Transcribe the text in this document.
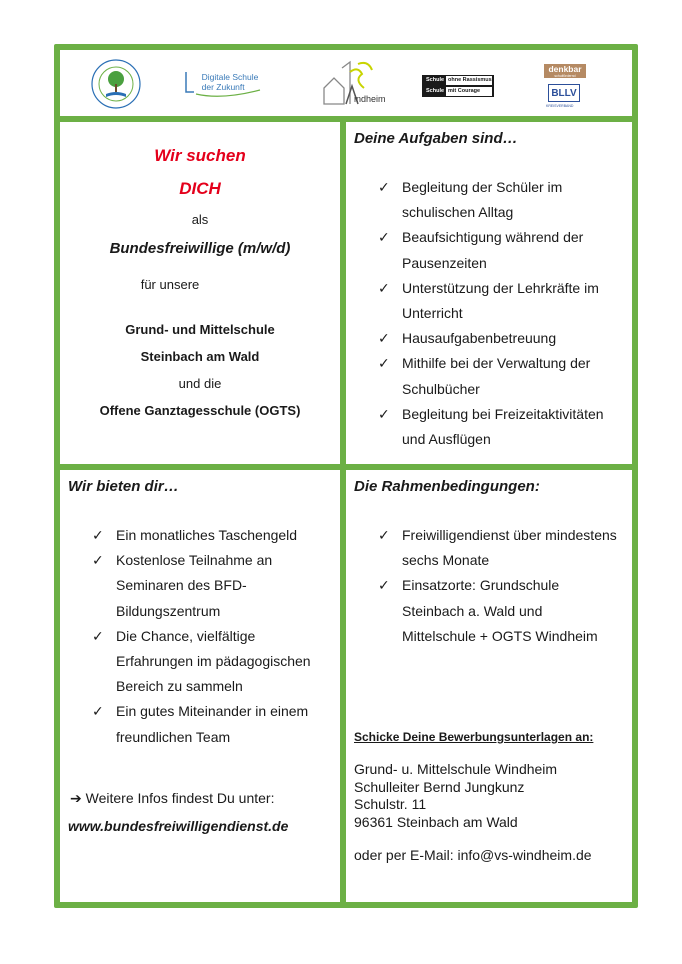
Digitale Schule
der Zukunft
indheim
Schule ohne Rassismus
Schule mit Courage
denkbar
schulfördernd
BLLV
KREISVERBAND
Wir suchen
DICH
als
Bundesfreiwillige (m/w/d)
für unsere
Grund- und Mittelschule
Steinbach am Wald
und die
Offene Ganztagesschule (OGTS)
Deine Aufgaben sind…
✓ Begleitung der Schüler im
schulischen Alltag
✓ Beaufsichtigung während der
Pausenzeiten
✓ Unterstützung der Lehrkräfte im
Unterricht
✓ Hausaufgabenbetreuung
✓ Mithilfe bei der Verwaltung der
Schulbücher
✓ Begleitung bei Freizeitaktivitäten
und Ausflügen
Wir bieten dir…
✓ Ein monatliches Taschengeld
✓ Kostenlose Teilnahme an
Seminaren des BFD-
Bildungszentrum
✓ Die Chance, vielfältige
Erfahrungen im pädagogischen
Bereich zu sammeln
✓ Ein gutes Miteinander in einem
freundlichen Team
➔ Weitere Infos findest Du unter:
www.bundesfreiwilligendienst.de
Die Rahmenbedingungen:
✓ Freiwilligendienst über mindestens
sechs Monate
✓ Einsatzorte: Grundschule
Steinbach a. Wald und
Mittelschule + OGTS Windheim
Schicke Deine Bewerbungsunterlagen an:
Grund- u. Mittelschule Windheim
Schulleiter Bernd Jungkunz
Schulstr. 11
96361 Steinbach am Wald
oder per E-Mail: info@vs-windheim.de
